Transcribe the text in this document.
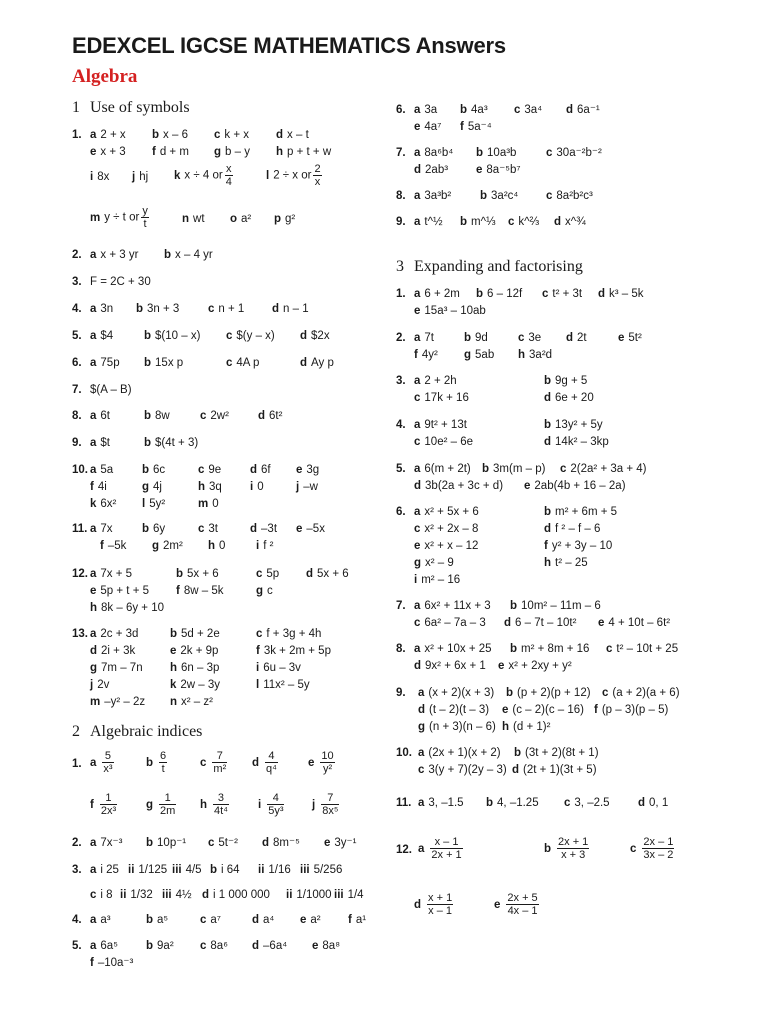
EDEXCEL IGCSE MATHEMATICS Answers
Algebra
1 Use of symbols
1. a 2 + x b x – 6 c k + x d x – t
e x + 3 f d + m g b – y h p + t + w
i 8x j hj k x ÷ 4 or $\frac{x}{4}$	l 2 ÷ x or $\frac{2}{x}$
m y ÷ t or $\frac{y}{t}$	n wt o a² p g²
2. a x + 3 yr b x – 4 yr
3. F = 2C + 30
4. a 3n b 3n + 3 c n + 1 d n – 1
5. a $4	b $(10 – x) c $(y – x) d $2x
6. a 75p b 15x p	c 4A p	d Ay p
7. $(A – B)
8. a 6t	b 8w	c 2w²	d 6t²
9. a $t	b $(4t + 3)
10. a 5a	b 6c	c 9e	d 6f e 3g
f 4i	g 4j	h 3q i 0	j –w
k 6x² l 5y²	m 0
11. a 7x	b 6y	c 3t	d –3t e –5x
f –5k g 2m² h 0	i f ²
12. a 7x + 5	b 5x + 6	c 5p d 5x + 6
e 5p + t + 5 f 8w – 5k	g c
h 8k – 6y + 10
13. a 2c + 3d	b 5d + 2e	c f + 3g + 4h
d 2i + 3k	e 2k + 9p	f 3k + 2m + 5p
g 7m – 7n h 6n – 3p	i 6u – 3v
j 2v	k 2w – 3y	l 11x² – 5y
m –y² – 2z n x² – z²
2 Algebraic indices
1. a $\frac{5}{\text{x³}}$	b $\frac{6}{t}$	c $\frac{7}{\text{m²}}$ d $\frac{4}{\text{q⁴}}$	e $\frac{10}{\text{y²}}$
f $\frac{1}{\text{2x³}}$	g $\frac{1}{2m}$ h $\frac{3}{\text{4t⁴}}$	i $\frac{4}{\text{5y³}}$ j $\frac{7}{\text{8x⁵}}$
2. a 7x⁻³ b 10p⁻¹ c 5t⁻² d 8m⁻⁵ e 3y⁻¹
3. a i 25 ii 1/125 iii 4/5 b i 64 ii 1/16 iii 5/256
c i 8 ii 1/32 iii 4½ d i 1 000 000 ii 1/1000 iii 1/4
4. a a³	b a⁵	c a⁷	d a⁴ e a² f a¹
5. a 6a⁵ b 9a² c 8a⁶ d –6a⁴ e 8a⁸
f –10a⁻³
6. a 3a b 4a³ c 3a⁴ d 6a⁻¹
e 4a⁷ f 5a⁻⁴
7. a 8a⁶b⁴ b 10a³b	c 30a⁻²b⁻²
d 2ab³ e 8a⁻⁵b⁷
8. a 3a³b² b 3a²c⁴ c 8a²b²c³
9. a t^½ b m^⅓ c k^⅔ d x^¾
3 Expanding and factorising
1. a 6 + 2m b 6 – 12f c t² + 3t d k³ – 5k
e 15a³ – 10ab
2. a 7t	b 9d	c 3e d 2t	e 5t²
f 4y² g 5ab h 3a²d
3. a 2 + 2h	b 9g + 5
c 17k + 16	d 6e + 20
4. a 9t² + 13t	b 13y² + 5y
c 10e² – 6e	d 14k² – 3kp
5. a 6(m + 2t) b 3m(m – p) c 2(2a² + 3a + 4)
d 3b(2a + 3c + d) e 2ab(4b + 16 – 2a)
6. a x² + 5x + 6	b m² + 6m + 5
c x² + 2x – 8	d f ² – f – 6
e x² + x – 12	f y² + 3y – 10
g x² – 9	h t² – 25
i m² – 16
7. a 6x² + 11x + 3 b 10m² – 11m – 6
c 6a² – 7a – 3 d 6 – 7t – 10t² e 4 + 10t – 6t²
8. a x² + 10x + 25 b m² + 8m + 16 c t² – 10t + 25
d 9x² + 6x + 1 e x² + 2xy + y²
9. a (x + 2)(x + 3) b (p + 2)(p + 12) c (a + 2)(a + 6)
d (t – 2)(t – 3) e (c – 2)(c – 16) f (p – 3)(p – 5)
g (n + 3)(n – 6) h (d + 1)²
10. a (2x + 1)(x + 2) b (3t + 2)(8t + 1)
c 3(y + 7)(2y – 3) d (2t + 1)(3t + 5)
11. a 3, –1.5 b 4, –1.25 c 3, –2.5 d 0, 1
12. a $\frac{x - 1}{2x + 1}$	b $\frac{2x + 1}{x + 3}$	c $\frac{2x - 1}{3x - 2}$
d $\frac{x + 1}{x - 1}$	e $\frac{2x + 5}{4x - 1}$
